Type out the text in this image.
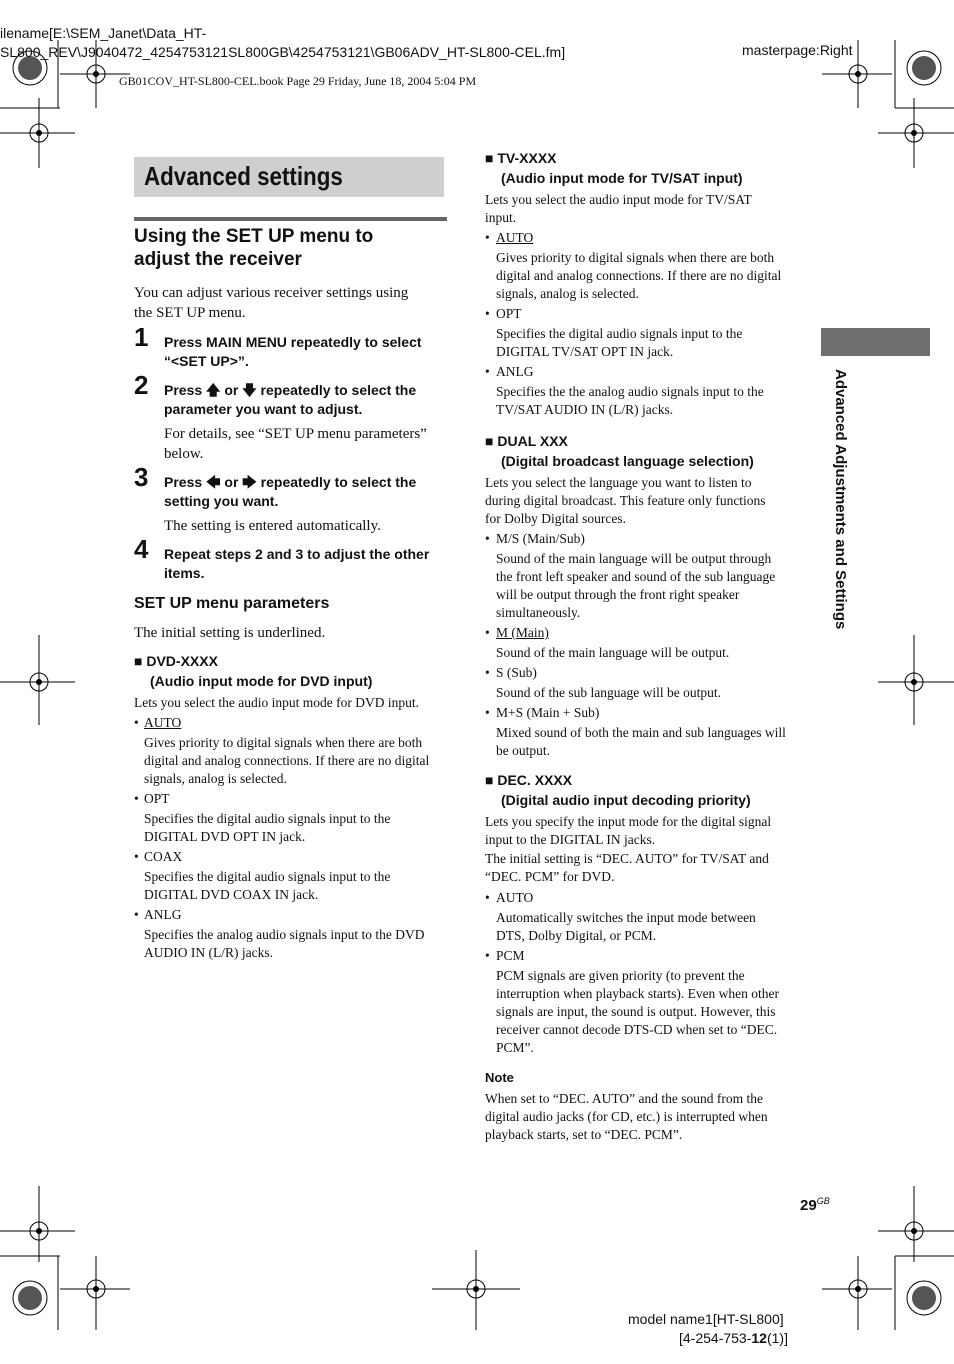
ilename[E:\SEM_Janet\Data_HT-
SL800_REV\J9040472_4254753121SL800GB\4254753121\GB06ADV_HT-SL800-CEL.fm]	masterpage:Right
GB01COV_HT-SL800-CEL.book Page 29 Friday, June 18, 2004 5:04 PM
Advanced settings
Using the SET UP menu to
adjust the receiver
You can adjust various receiver settings using
the SET UP menu.
1 Press MAIN MENU repeatedly to select
“<SET UP>”.
2 Press 🡅 or 🡇 repeatedly to select the
parameter you want to adjust.
For details, see “SET UP menu parameters”
below.
3 Press 🡄 or 🡆 repeatedly to select the
setting you want.
The setting is entered automatically.
4 Repeat steps 2 and 3 to adjust the other
items.
SET UP menu parameters
The initial setting is underlined.
■ DVD-XXXX
(Audio input mode for DVD input)
Lets you select the audio input mode for DVD input.
• AUTO
Gives priority to digital signals when there are both
digital and analog connections. If there are no digital
signals, analog is selected.
• OPT
Specifies the digital audio signals input to the
DIGITAL DVD OPT IN jack.
• COAX
Specifies the digital audio signals input to the
DIGITAL DVD COAX IN jack.
• ANLG
Specifies the analog audio signals input to the DVD
AUDIO IN (L/R) jacks.
■ TV-XXXX
(Audio input mode for TV/SAT input)
Lets you select the audio input mode for TV/SAT
input.
• AUTO
Gives priority to digital signals when there are both
digital and analog connections. If there are no digital
signals, analog is selected.
• OPT
Specifies the digital audio signals input to the
DIGITAL TV/SAT OPT IN jack.
• ANLG
Specifies the the analog audio signals input to the
TV/SAT AUDIO IN (L/R) jacks.
■ DUAL XXX
(Digital broadcast language selection)
Lets you select the language you want to listen to
during digital broadcast. This feature only functions
for Dolby Digital sources.
• M/S (Main/Sub)
Sound of the main language will be output through
the front left speaker and sound of the sub language
will be output through the front right speaker
simultaneously.
• M (Main)
Sound of the main language will be output.
• S (Sub)
Sound of the sub language will be output.
• M+S (Main + Sub)
Mixed sound of both the main and sub languages will
be output.
■ DEC. XXXX
(Digital audio input decoding priority)
Lets you specify the input mode for the digital signal
input to the DIGITAL IN jacks.
The initial setting is “DEC. AUTO” for TV/SAT and
“DEC. PCM” for DVD.
• AUTO
Automatically switches the input mode between
DTS, Dolby Digital, or PCM.
• PCM
PCM signals are given priority (to prevent the
interruption when playback starts). Even when other
signals are input, the sound is output. However, this
receiver cannot decode DTS-CD when set to “DEC.
PCM”.
Note
When set to “DEC. AUTO” and the sound from the
digital audio jacks (for CD, etc.) is interrupted when
playback starts, set to “DEC. PCM”.
Advanced Adjustments and Settings
$29^{GB}$
model name1[HT-SL800]
[4-254-753-12(1)]
